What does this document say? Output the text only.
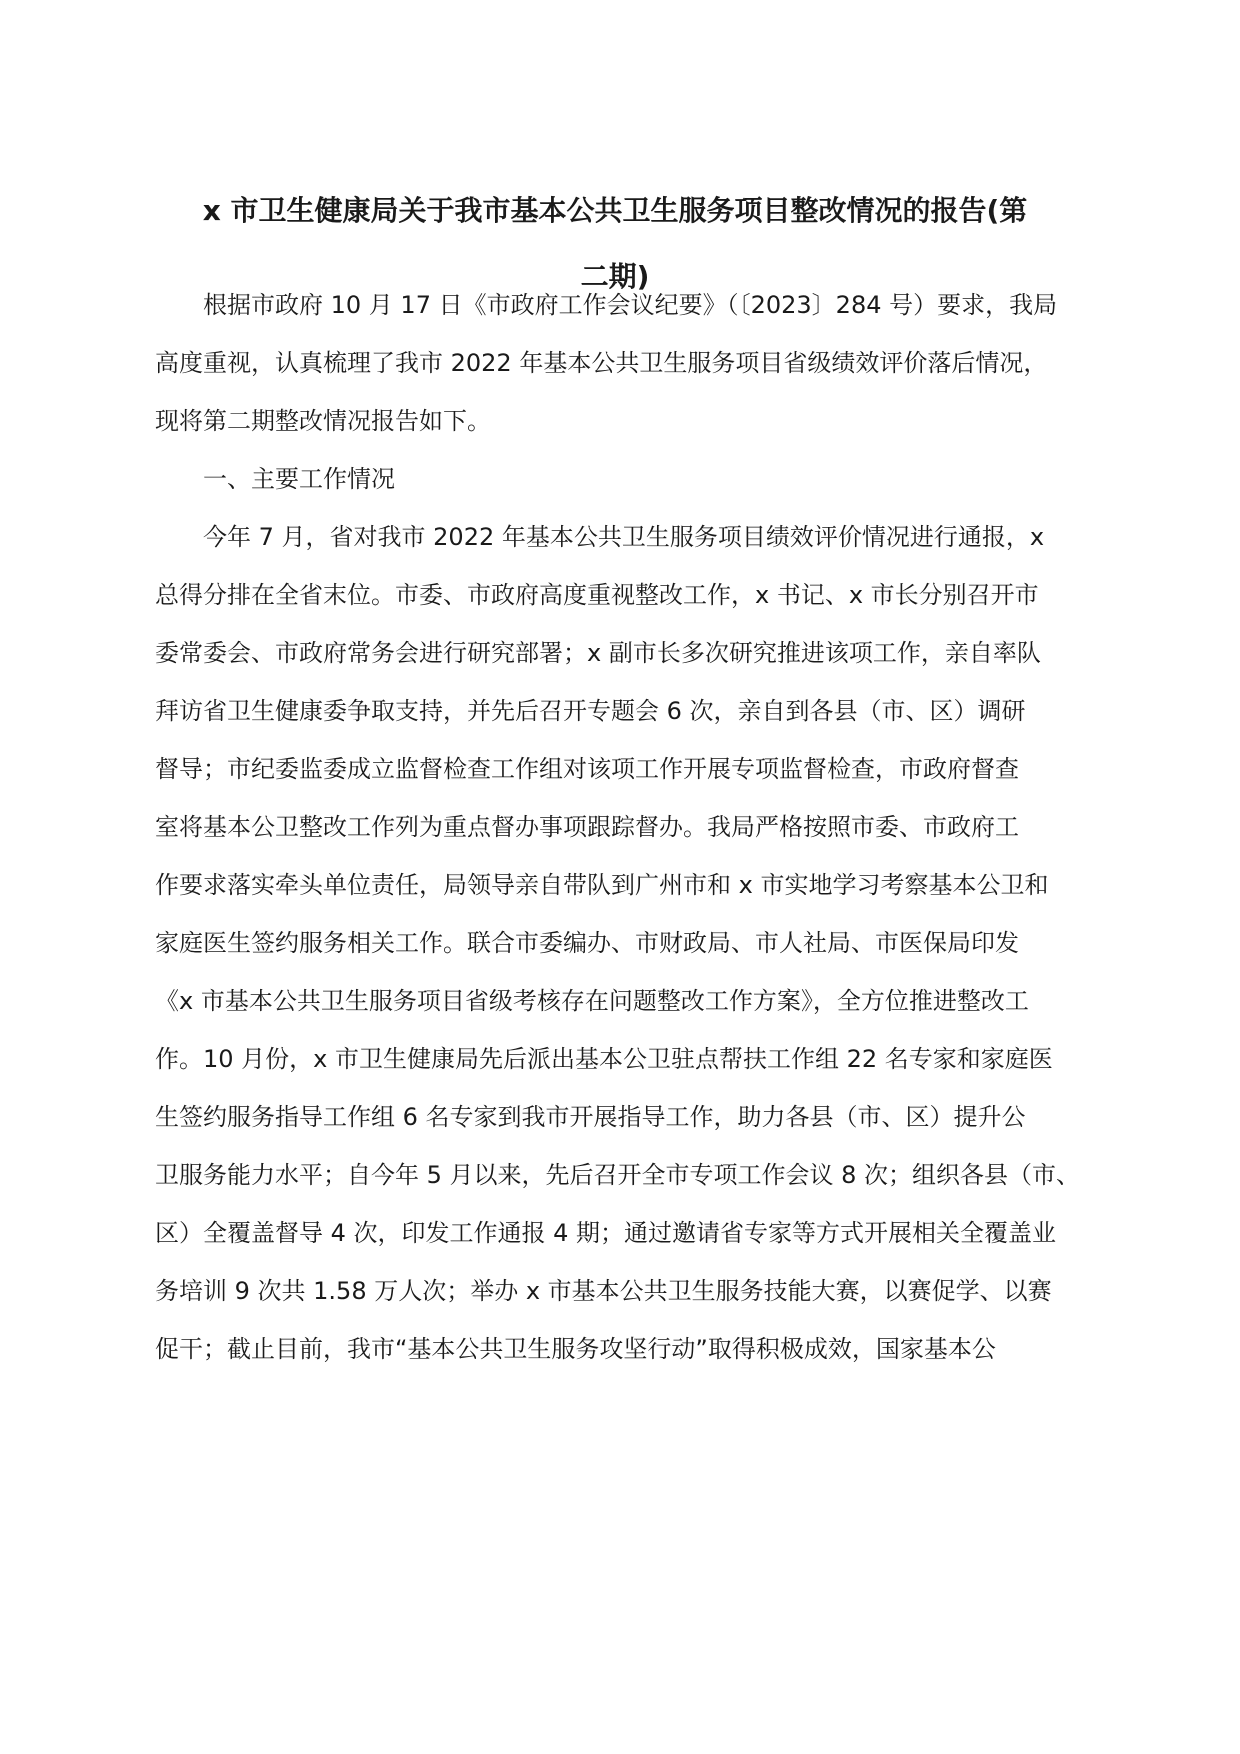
x 市卫生健康局关于我市基本公共卫生服务项目整改情况的报告(第

二期)

根据市政府 10 月 17 日《市政府工作会议纪要》（〔2023〕284 号）要求，我局

高度重视，认真梳理了我市 2022 年基本公共卫生服务项目省级绩效评价落后情况，

现将第二期整改情况报告如下。

一、主要工作情况

今年 7 月，省对我市 2022 年基本公共卫生服务项目绩效评价情况进行通报，x

总得分排在全省末位。市委、市政府高度重视整改工作，x 书记、x 市长分别召开市

委常委会、市政府常务会进行研究部署；x 副市长多次研究推进该项工作，亲自率队

拜访省卫生健康委争取支持，并先后召开专题会 6 次，亲自到各县（市、区）调研

督导；市纪委监委成立监督检查工作组对该项工作开展专项监督检查，市政府督查

室将基本公卫整改工作列为重点督办事项跟踪督办。我局严格按照市委、市政府工

作要求落实牵头单位责任，局领导亲自带队到广州市和 x 市实地学习考察基本公卫和

家庭医生签约服务相关工作。联合市委编办、市财政局、市人社局、市医保局印发

《x 市基本公共卫生服务项目省级考核存在问题整改工作方案》，全方位推进整改工

作。10 月份，x 市卫生健康局先后派出基本公卫驻点帮扶工作组 22 名专家和家庭医

生签约服务指导工作组 6 名专家到我市开展指导工作，助力各县（市、区）提升公

卫服务能力水平；自今年 5 月以来，先后召开全市专项工作会议 8 次；组织各县（市、

区）全覆盖督导 4 次，印发工作通报 4 期；通过邀请省专家等方式开展相关全覆盖业

务培训 9 次共 1.58 万人次；举办 x 市基本公共卫生服务技能大赛，以赛促学、以赛

促干；截止目前，我市“基本公共卫生服务攻坚行动”取得积极成效，国家基本公
